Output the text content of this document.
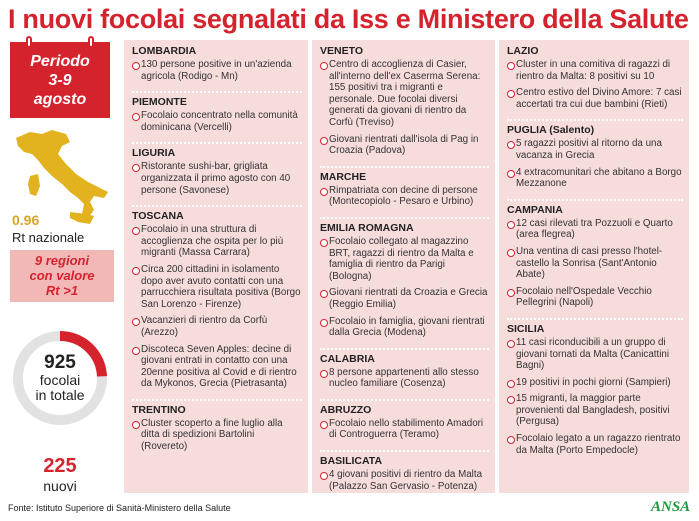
I nuovi focolai segnalati da Iss e Ministero della Salute
Periodo
3-9
agosto
0.96
Rt nazionale
9 regioni
con valore
Rt >1
925
focolai
in totale
225
nuovi
LOMBARDIA
130 persone positive in un'azienda agricola (Rodigo - Mn)
PIEMONTE
Focolaio concentrato nella comunità dominicana (Vercelli)
LIGURIA
Ristorante sushi-bar, grigliata organizzata il primo agosto con 40 persone (Savonese)
TOSCANA
Focolaio in una struttura di accoglienza che ospita per lo più migranti (Massa Carrara)
Circa 200 cittadini in isolamento dopo aver avuto contatti con una parrucchiera risultata positiva (Borgo San Lorenzo - Firenze)
Vacanzieri di rientro da Corfù (Arezzo)
Discoteca Seven Apples: decine di giovani entrati in contatto con una 20enne positiva al Covid e di rientro da Mykonos, Grecia (Pietrasanta)
TRENTINO
Cluster scoperto a fine luglio alla ditta di spedizioni Bartolini (Rovereto)
VENETO
Centro di accoglienza di Casier, all'interno dell'ex Caserma Serena: 155 positivi tra i migranti e personale. Due focolai diversi generati da giovani di rientro da Corfù (Treviso)
Giovani rientrati dall'isola di Pag in Croazia (Padova)
MARCHE
Rimpatriata con decine di persone (Montecopiolo - Pesaro e Urbino)
EMILIA ROMAGNA
Focolaio collegato al magazzino BRT, ragazzi di rientro da Malta e famiglia di rientro da Parigi (Bologna)
Giovani rientrati da Croazia e Grecia (Reggio Emilia)
Focolaio in famiglia, giovani rientrati dalla Grecia (Modena)
CALABRIA
8 persone appartenenti allo stesso nucleo familiare (Cosenza)
ABRUZZO
Focolaio nello stabilimento Amadori di Controguerra (Teramo)
BASILICATA
4 giovani positivi di rientro da Malta (Palazzo San Gervasio - Potenza)
LAZIO
Cluster in una comitiva di ragazzi di rientro da Malta: 8 positivi su 10
Centro estivo del Divino Amore: 7 casi accertati tra cui due bambini (Rieti)
PUGLIA (Salento)
5 ragazzi positivi al ritorno da una vacanza in Grecia
4 extracomunitari che abitano a Borgo Mezzanone
CAMPANIA
12 casi rilevati tra Pozzuoli e Quarto (area flegrea)
Una ventina di casi presso l'hotel-castello la Sonrisa (Sant'Antonio Abate)
Focolaio nell'Ospedale Vecchio Pellegrini (Napoli)
SICILIA
11 casi riconducibili a un gruppo di giovani tornati da Malta (Canicattini Bagni)
19 positivi in pochi giorni (Sampieri)
15 migranti, la maggior parte provenienti dal Bangladesh, positivi (Pergusa)
Focolaio legato a un ragazzo rientrato da Malta (Porto Empedocle)
Fonte: Istituto Superiore di Sanità-Ministero della Salute	ANSA
